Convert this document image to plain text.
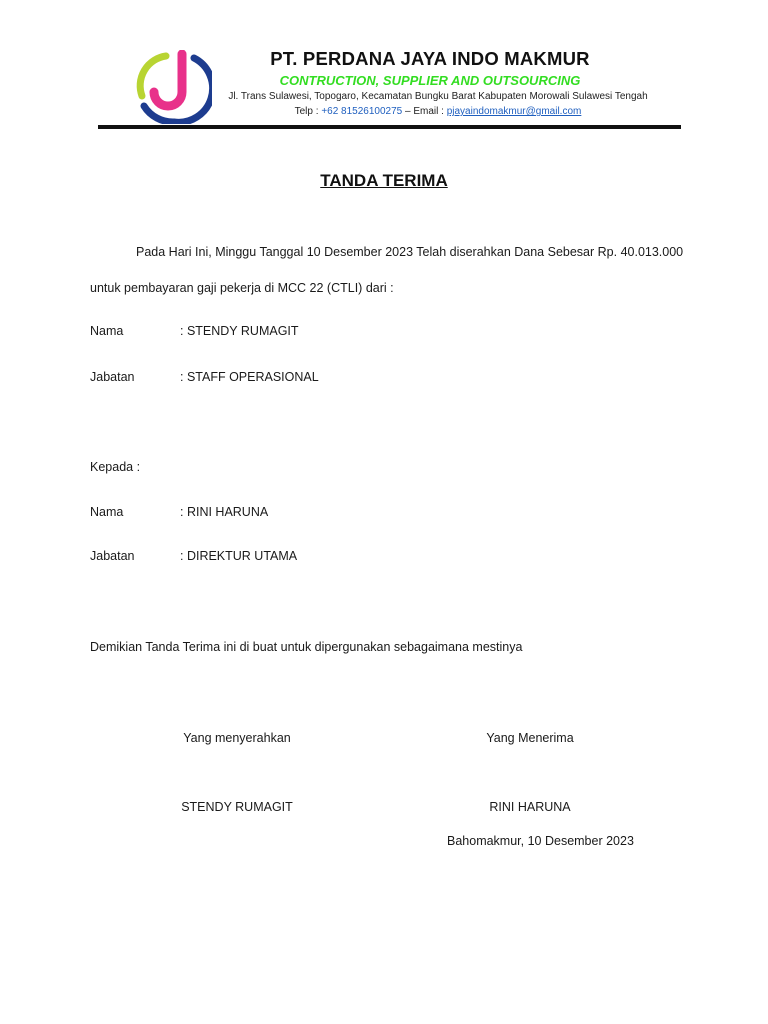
PT. PERDANA JAYA INDO MAKMUR
CONTRUCTION, SUPPLIER AND OUTSOURCING
Jl. Trans Sulawesi, Topogaro, Kecamatan Bungku Barat Kabupaten Morowali Sulawesi Tengah
Telp : +62 81526100275 – Email : pjayaindomakmur@gmail.com
TANDA TERIMA
Pada Hari Ini, Minggu Tanggal 10 Desember 2023 Telah diserahkan Dana Sebesar Rp. 40.013.000
untuk pembayaran gaji pekerja di MCC 22 (CTLI) dari :
Nama	: STENDY RUMAGIT
Jabatan	: STAFF OPERASIONAL
Kepada :
Nama	: RINI HARUNA
Jabatan	: DIREKTUR UTAMA
Demikian Tanda Terima ini di buat untuk dipergunakan sebagaimana mestinya
Yang menyerahkan	Yang Menerima
STENDY RUMAGIT	RINI HARUNA
Bahomakmur, 10 Desember 2023
